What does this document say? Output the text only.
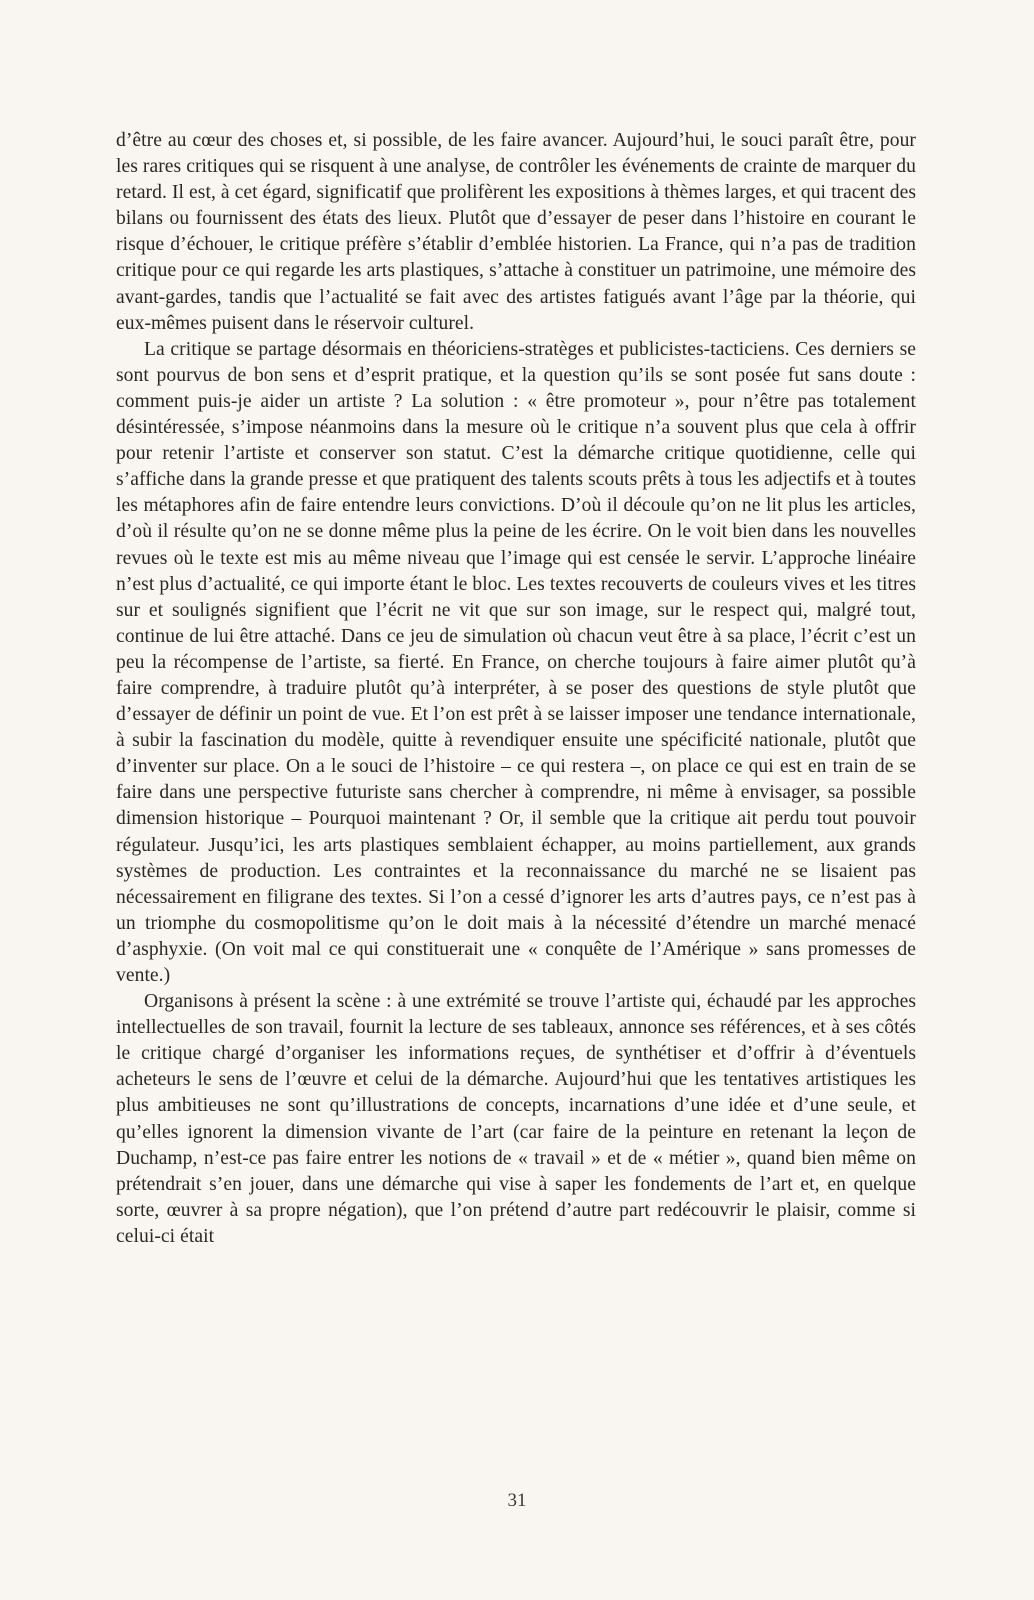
d’être au cœur des choses et, si possible, de les faire avancer. Aujourd’hui, le souci paraît être, pour les rares critiques qui se risquent à une analyse, de contrôler les événements de crainte de marquer du retard. Il est, à cet égard, significatif que prolifèrent les expositions à thèmes larges, et qui tracent des bilans ou fournissent des états des lieux. Plutôt que d’essayer de peser dans l’histoire en courant le risque d’échouer, le critique préfère s’établir d’emblée historien. La France, qui n’a pas de tradition critique pour ce qui regarde les arts plastiques, s’attache à constituer un patrimoine, une mémoire des avant-gardes, tandis que l’actualité se fait avec des artistes fatigués avant l’âge par la théorie, qui eux-mêmes puisent dans le réservoir culturel.

La critique se partage désormais en théoriciens-stratèges et publicistes-tacticiens. Ces derniers se sont pourvus de bon sens et d’esprit pratique, et la question qu’ils se sont posée fut sans doute : comment puis-je aider un artiste ? La solution : « être promoteur », pour n’être pas totalement désintéressée, s’impose néanmoins dans la mesure où le critique n’a souvent plus que cela à offrir pour retenir l’artiste et conserver son statut. C’est la démarche critique quotidienne, celle qui s’affiche dans la grande presse et que pratiquent des talents scouts prêts à tous les adjectifs et à toutes les métaphores afin de faire entendre leurs convictions. D’où il découle qu’on ne lit plus les articles, d’où il résulte qu’on ne se donne même plus la peine de les écrire. On le voit bien dans les nouvelles revues où le texte est mis au même niveau que l’image qui est censée le servir. L’approche linéaire n’est plus d’actualité, ce qui importe étant le bloc. Les textes recouverts de couleurs vives et les titres sur et soulignés signifient que l’écrit ne vit que sur son image, sur le respect qui, malgré tout, continue de lui être attaché. Dans ce jeu de simulation où chacun veut être à sa place, l’écrit c’est un peu la récompense de l’artiste, sa fierté. En France, on cherche toujours à faire aimer plutôt qu’à faire comprendre, à traduire plutôt qu’à interpréter, à se poser des questions de style plutôt que d’essayer de définir un point de vue. Et l’on est prêt à se laisser imposer une tendance internationale, à subir la fascination du modèle, quitte à revendiquer ensuite une spécificité nationale, plutôt que d’inventer sur place. On a le souci de l’histoire – ce qui restera –, on place ce qui est en train de se faire dans une perspective futuriste sans chercher à comprendre, ni même à envisager, sa possible dimension historique – Pourquoi maintenant ? Or, il semble que la critique ait perdu tout pouvoir régulateur. Jusqu’ici, les arts plastiques semblaient échapper, au moins partiellement, aux grands systèmes de production. Les contraintes et la reconnaissance du marché ne se lisaient pas nécessairement en filigrane des textes. Si l’on a cessé d’ignorer les arts d’autres pays, ce n’est pas à un triomphe du cosmopolitisme qu’on le doit mais à la nécessité d’étendre un marché menacé d’asphyxie. (On voit mal ce qui constituerait une « conquête de l’Amérique » sans promesses de vente.)

Organisons à présent la scène : à une extrémité se trouve l’artiste qui, échaudé par les approches intellectuelles de son travail, fournit la lecture de ses tableaux, annonce ses références, et à ses côtés le critique chargé d’organiser les informations reçues, de synthétiser et d’offrir à d’éventuels acheteurs le sens de l’œuvre et celui de la démarche. Aujourd’hui que les tentatives artistiques les plus ambitieuses ne sont qu’illustrations de concepts, incarnations d’une idée et d’une seule, et qu’elles ignorent la dimension vivante de l’art (car faire de la peinture en retenant la leçon de Duchamp, n’est-ce pas faire entrer les notions de « travail » et de « métier », quand bien même on prétendrait s’en jouer, dans une démarche qui vise à saper les fondements de l’art et, en quelque sorte, œuvrer à sa propre négation), que l’on prétend d’autre part redécouvrir le plaisir, comme si celui-ci était

31
